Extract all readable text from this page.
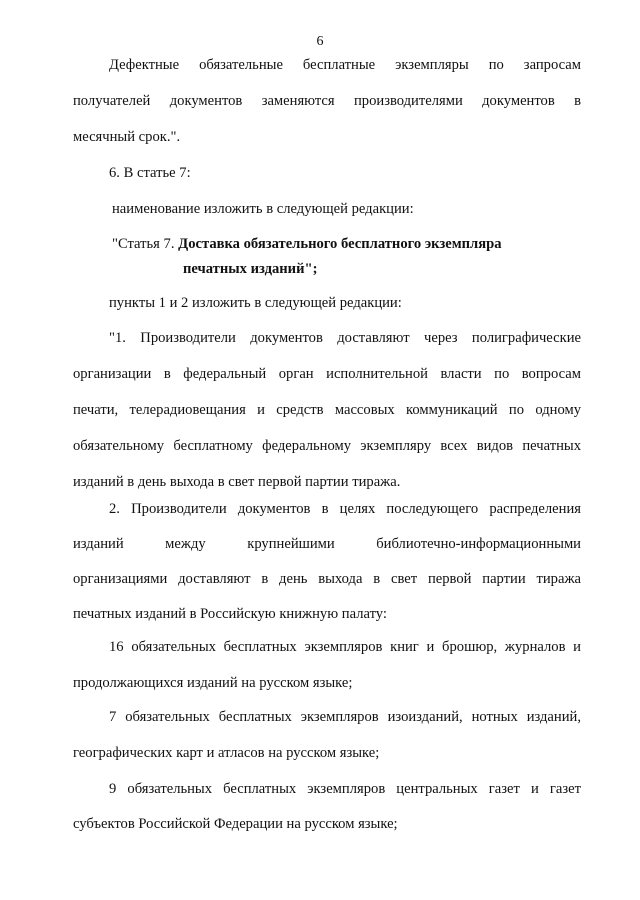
6
Дефектные обязательные бесплатные экземпляры по запросам
получателей документов заменяются производителями документов в
месячный срок.".
6. В статье 7:
наименование изложить в следующей редакции:
"Статья 7. Доставка обязательного бесплатного экземпляра
печатных изданий";
пункты 1 и 2 изложить в следующей редакции:
"1. Производители документов доставляют через полиграфические
организации в федеральный орган исполнительной власти по вопросам
печати, телерадиовещания и средств массовых коммуникаций по одному
обязательному бесплатному федеральному экземпляру всех видов печатных
изданий в день выхода в свет первой партии тиража.
2. Производители документов в целях последующего распределения
изданий между крупнейшими библиотечно-информационными
организациями доставляют в день выхода в свет первой партии тиража
печатных изданий в Российскую книжную палату:
16 обязательных бесплатных экземпляров книг и брошюр, журналов и
продолжающихся изданий на русском языке;
7 обязательных бесплатных экземпляров изоизданий, нотных изданий,
географических карт и атласов на русском языке;
9 обязательных бесплатных экземпляров центральных газет и газет
субъектов Российской Федерации на русском языке;
